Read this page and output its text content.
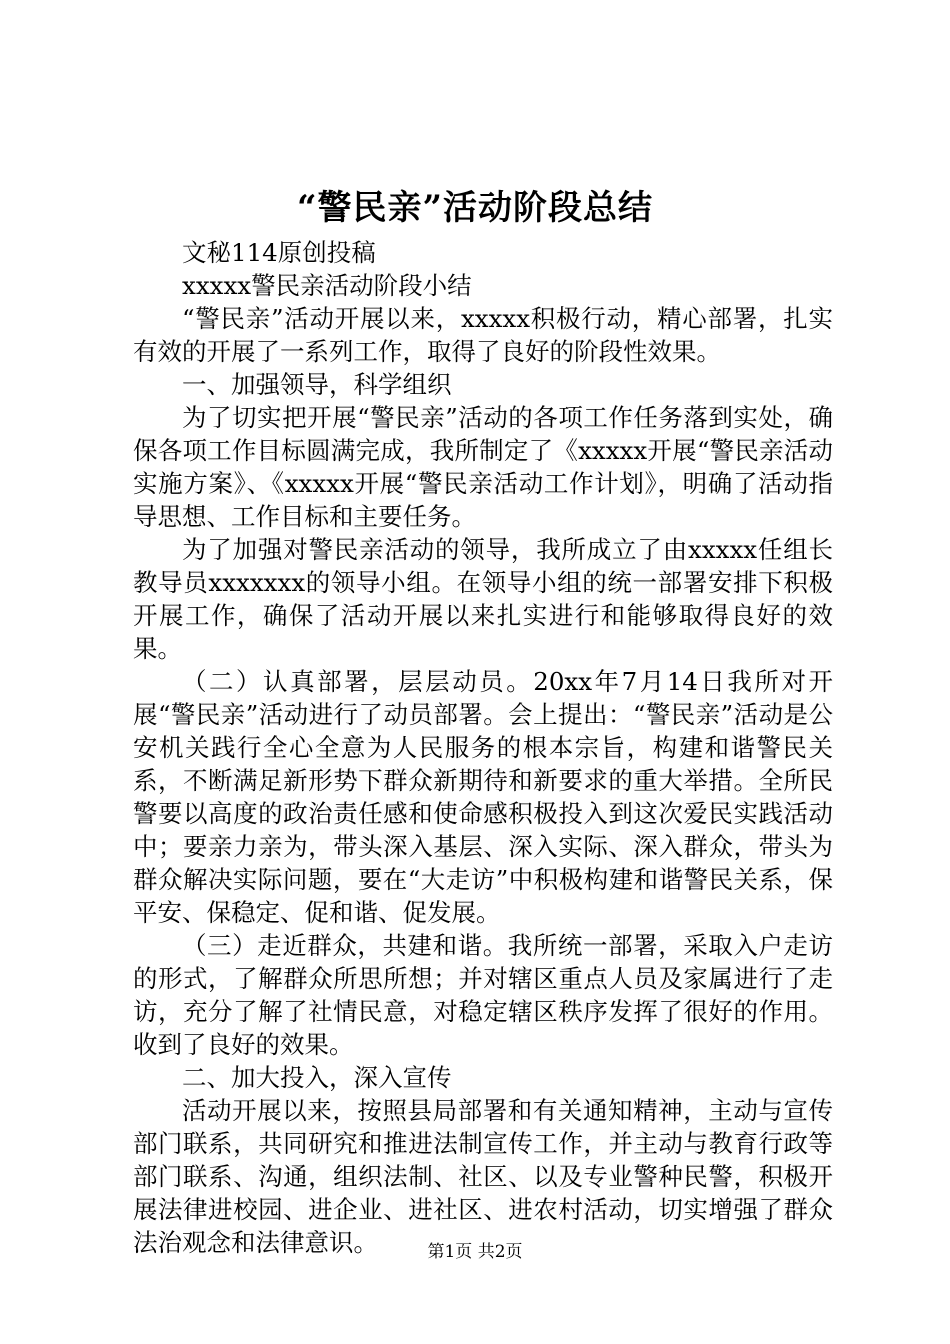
“警民亲”活动阶段总结

文秘114原创投稿

xxxxx警民亲活动阶段小结

“警民亲”活动开展以来，xxxxx积极行动，精心部署，扎实有效的开展了一系列工作，取得了良好的阶段性效果。

一、加强领导，科学组织

为了切实把开展“警民亲”活动的各项工作任务落到实处，确保各项工作目标圆满完成，我所制定了《xxxxx开展“警民亲活动实施方案》、《xxxxx开展“警民亲活动工作计划》，明确了活动指导思想、工作目标和主要任务。

为了加强对警民亲活动的领导，我所成立了由xxxxx任组长教导员xxxxxxx的领导小组。在领导小组的统一部署安排下积极开展工作，确保了活动开展以来扎实进行和能够取得良好的效果。

（二）认真部署，层层动员。20xx年7月14日我所对开展“警民亲”活动进行了动员部署。会上提出：“警民亲”活动是公安机关践行全心全意为人民服务的根本宗旨，构建和谐警民关系，不断满足新形势下群众新期待和新要求的重大举措。全所民警要以高度的政治责任感和使命感积极投入到这次爱民实践活动中；要亲力亲为，带头深入基层、深入实际、深入群众，带头为群众解决实际问题，要在“大走访”中积极构建和谐警民关系，保平安、保稳定、促和谐、促发展。

（三）走近群众，共建和谐。我所统一部署，采取入户走访的形式，了解群众所思所想；并对辖区重点人员及家属进行了走访，充分了解了社情民意，对稳定辖区秩序发挥了很好的作用。收到了良好的效果。

二、加大投入，深入宣传

活动开展以来，按照县局部署和有关通知精神，主动与宣传部门联系，共同研究和推进法制宣传工作，并主动与教育行政等部门联系、沟通，组织法制、社区、以及专业警种民警，积极开展法律进校园、进企业、进社区、进农村活动，切实增强了群众法治观念和法律意识。	第1页 共2页
